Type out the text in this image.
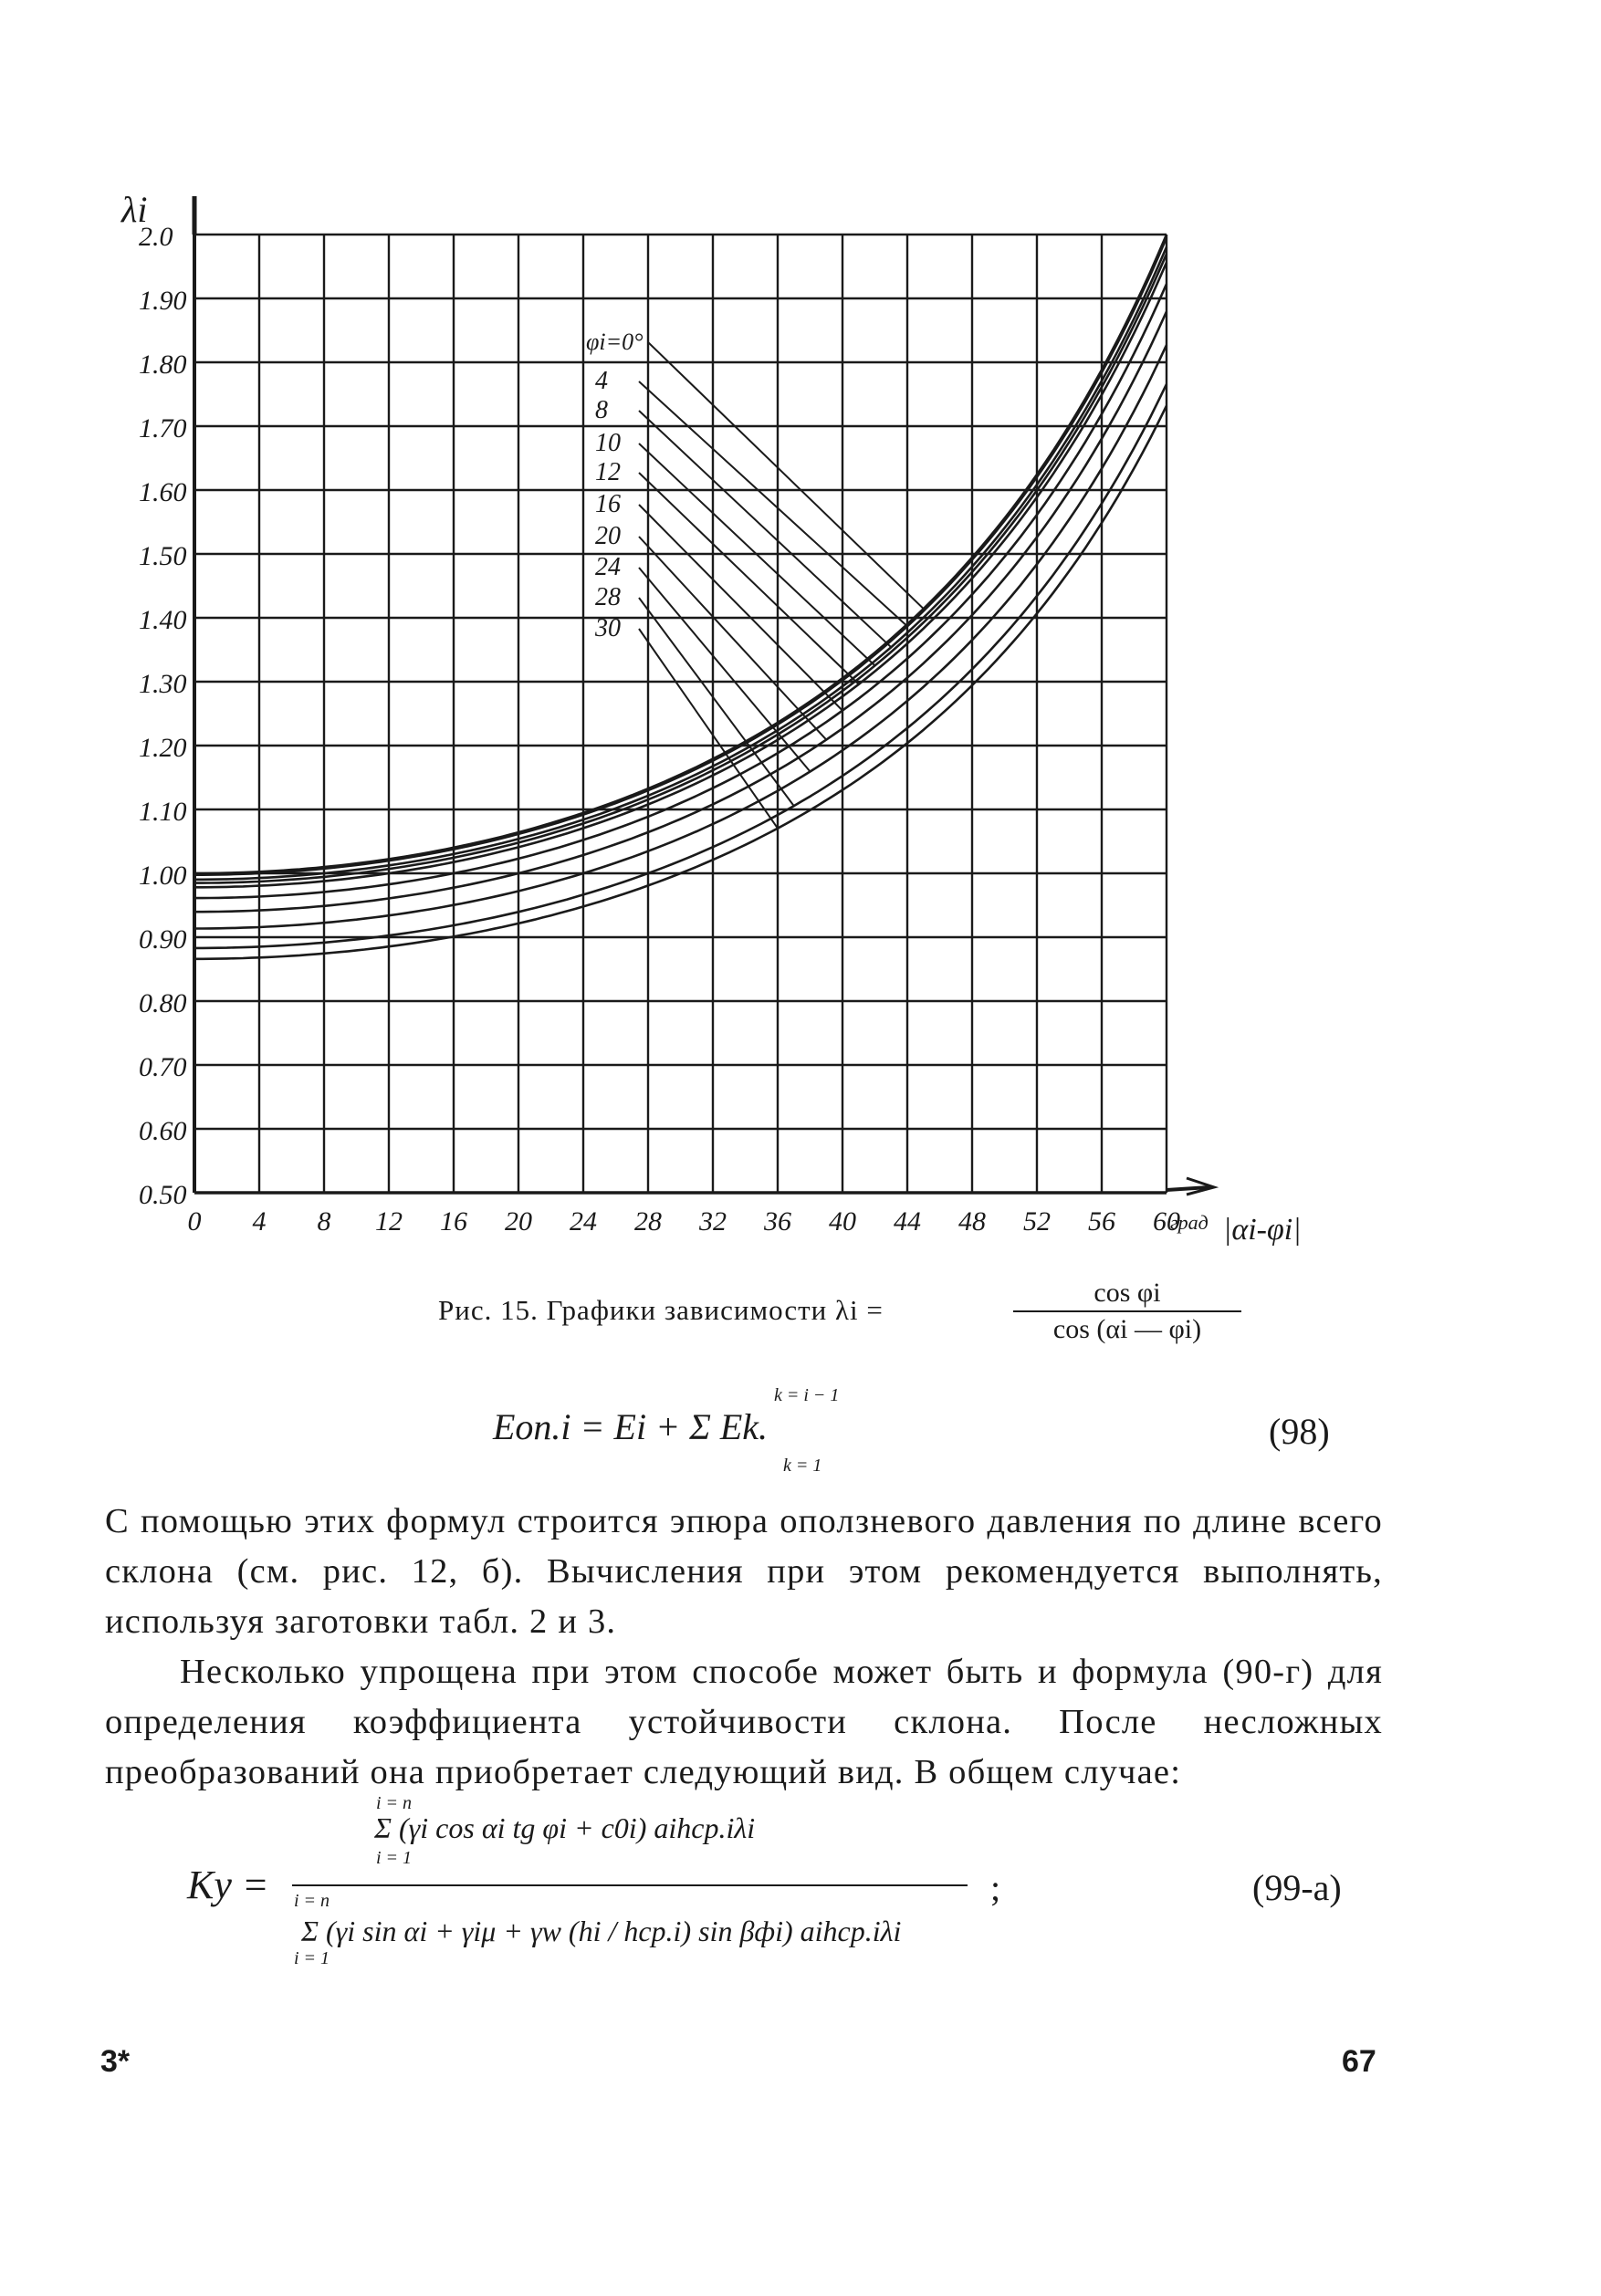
0.50
0.60
0.70
0.80
0.90
1.00
1.10
1.20
1.30
1.40
1.50
1.60
1.70
1.80
1.90
2.0
0 4 8 12 16 20 24 28 32 36 40 44 48 52 56 60
λi
|αi-φi|
град
φi=0°
4
8
10
12
16
20
24
28
30
Рис. 15. Графики зависимости λi =
cos φi
cos (αi — φi)
Eоп.i = Ei + Σ Ek.
k = i − 1
k = 1
(98)
С помощью этих формул строится эпюра оползневого давления по длине всего склона (см. рис. 12, б). Вычисления при этом рекомендуется выполнять, используя заготовки табл. 2 и 3.
Несколько упрощена при этом способе может быть и формула (90-г) для определения коэффициента устойчивости склона. После несложных преобразований она приобретает следующий вид. В общем случае:
Kу =
i = n
Σ (γi cos αi tg φi + c0i) aihср.iλi
i = 1
i = n
Σ (γi sin αi + γiμ + γw (hi / hср.i) sin βфi) aihср.iλi
i = 1
;	(99-а)
3*	67
